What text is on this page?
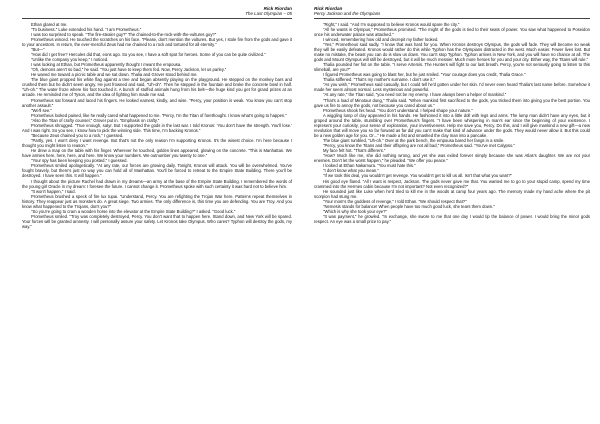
Rick Riordan
The Last Olympian – 05

Ethan glared at me.

"To business." Luke extended his hand. "I am Prometheus."

I was too surprised to speak. "The fire-stealer guy?" The chained-to-the-rock-with-the-vultures guy?"

Prometheus winced. He touched the scratches on his face. "Please, don't mention the vultures. But yes, I stole fire from the gods and gave it to your ancestors. In return, the ever-merciful Zeus had me chained to a rock and tortured for all eternity."

"But—"

"How did I get free? Hercules did that, eons ago. So you see, I have a soft spot for heroes. Some of you can be quite civilized."

"Unlike the company you keep," I noticed.

I was looking at Ethan, but Prometheus apparently thought I meant the empousa.

"Oh, demons aren't so bad," he said. "You just have to keep them fed. Now, Percy Jackson, let us parley."

He waved me toward a picnic table and we sat down. Thalia and Grover stood behind me.

The blue giant propped his white flag against a tree and began absently playing on the playground. He stepped on the monkey bars and crushed them but he didn't seem angry. He just frowned and said, "Uh-oh". Then he stepped in the fountain and broke the concrete bowl in half. "Uh-oh." The water froze where his foot touched it. A bunch of stuffed animals hung from his belt—the huge kind you get for grand prizes at an arcade. He reminded me of Tyson, and the idea of fighting him made me sad.

Prometheus sat forward and laced his fingers. He looked earnest, kindly, and wise. "Percy, your position is weak. You know you can't stop another assault."

"We'll see."

Prometheus looked pained, like he really cared what happened to me. "Percy, I'm the Titan of forethought. I know what's going to happen."

"Also the Titan of crafty counsel," Grover put in. "Emphasis on crafty."

Prometheus shrugged. "True enough, satyr. But I supported the gods in the last war. I told Kronos: 'You don't have the strength. You'll lose.' And I was right. So you see, I know how to pick the winning side. This time, I'm backing Kronos."

"Because Zeus chained you to a rock," I guessed.

"Partly, yes. I won't deny I want revenge. But that's not the only reason I'm supporting Kronos. It's the wisest choice. I'm here because I thought you might listen to reason."

He drew a map on the table with his finger. Wherever he touched, golden lines appeared, glowing on the concrete. "This is Manhattan. We have armies here, here, here, and here. We know your numbers. We outnumber you twenty to one."

"Your spy has been keeping you posted," I guessed.

Prometheus smiled apologetically. "At any rate, our forces are growing daily. Tonight, Kronos will attack. You will be overwhelmed. You've fought bravely, but there's just no way you can hold all of Manhattan. You'll be forced to retreat to the Empire State Building. There you'll be destroyed. I have seen this. It will happen."

I thought about the picture Rachel had drawn in my dreams—an army at the base of the Empire State Building. I remembered the words of the young girl Oracle in my dream: I foresee the future. I cannot change it. Prometheus spoke with such certainty it was hard not to believe him.

"It won't happen," I said.

Prometheus brushed a speck of fire lux tupai. "Understand, Percy. You are refighting the Trojan War here. Patterns repeat themselves in history. They reappear just as monsters do. A great siege. Two armies. The only difference is, this time you are defending. You are Troy. And you know what happened to the Trojans, don't you?"

"So you're going to cram a wooden horse into the elevator at the Empire State Building?" I asked. "Good luck."

Prometheus smiled. "Troy was completely destroyed, Percy. You don't want that to happen here. Stand down, and New York will be spared. Your forces will be granted amnesty. I will personally assure your safety. Let Kronos take Olympus. Who cares? Typhon will destroy the gods, my way."

Rick Riordan
Percy Jackson and the Olympians

"Right," I said. "And I'm supposed to believe Kronos would spare the city."

"All he wants is Olympus," Prometheus promised. "The might of the gods is tied to their seats of power. You saw what happened to Poseidon once his underwater palace was attacked."

I winced, remembering how old and decrepit my father looked.

"Yes," Prometheus said sadly. "I know that was hard for you. When Kronos destroys Olympus, the gods will fade. They will become so weak they will be easily defeated. Kronos would rather do this while Typhon has the Olympians distracted in the west. Much easier. Fewer lives lost. But make no mistake, the beast you can do is slow us down. You can't stop Typhon. Typhon arrives in New York, and you will have no chance at all. The gods and Mount Olympus will still be destroyed, but it will be much messier. Much more heroes for you and your city. Either way, the Titans will rule."

Thalia pounded her fist on the table. "I serve Artemis. The Hunters will fight to our last breath. Percy, you're not seriously going to listen to this slimeball, are you?"

I figured Prometheus was going to blast her, but he just smiled. "Your courage does you credit, Thalia Grace."

Thalia stiffened. "That's my mother's surname. I don't use it."

"As you wish," Prometheus said casually, but I could tell he'd gotten under her skin. I'd never even heard Thalia's last name before. Somehow it made her seem almost normal. Less mysterious and powerful.

"At any rate," the Titan said, "you need not be my enemy. I have always been a helper of mankind."

"That's a load of Minotaur dung," Thalia said. "When mankind first sacrificed to the gods, you tricked them into giving you the best portion. You gave us fire to annoy the gods, not because you cared about us."

Prometheus shook his head. "You don't understand. I helped shape your nature."

A wiggling lump of clay appeared in his hands. He fashioned it into a little doll with legs and arms. The lump man didn't have any eyes, but it groped around the table, stumbling over Prometheus's fingers. "I have been whispering in man's ear since the beginning of your existence. I represent your curiosity, your sense of exploration, your inventiveness. Help me save you, Percy. Do this, and I will give mankind a new gift—a new revolution that will move you so far forward as far did you can't make that kind of advance under the gods. They would never allow it. But this could be a new golden age for you. Or..." He made a fist and smashed the clay man into a pancake.

The blue giant rumbled, "Uh-oh." Over at the park bench, the empousa bared her fangs in a smile.

"Percy, you know the Titans and their offspring are not all bad," Prometheus said. "You've met Calypso."

My face felt hot. "That's different."

"How? Much like me, she did nothing wrong, and yet she was exiled forever simply because she was Atlas's daughter. We are not your enemies. Don't let the worst happen," he pleaded. "We offer you peace."

I looked at Ethan Nakamura. "You must hate this."

"I don't know what you mean."

"If we took this deal, you wouldn't get revenge. You wouldn't get to kill us all. Isn't that what you want?"

His good eye flared. "All I want is respect, Jackson. The gods never gave me that. You wanted me to go to your stupid camp, spend my time crammed into the Hermes cabin because I'm not important? Not even recognized?"

He sounded just like Luke when he'd tried to kill me in the woods at camp four years ago. The memory made my hand ache where the pit scorpion had stung me.

"Your mom's the goddess of revenge," I told Ethan. "We should respect that?"

"Nemesis stands for balance! When people have too much good luck, she tears them down."

"Which is why she took your eye?"

"It was payment," he growled. "In exchange, she swore to me that one day I would tip the balance of power. I would bring the minor gods respect. An eye was a small price to pay."
